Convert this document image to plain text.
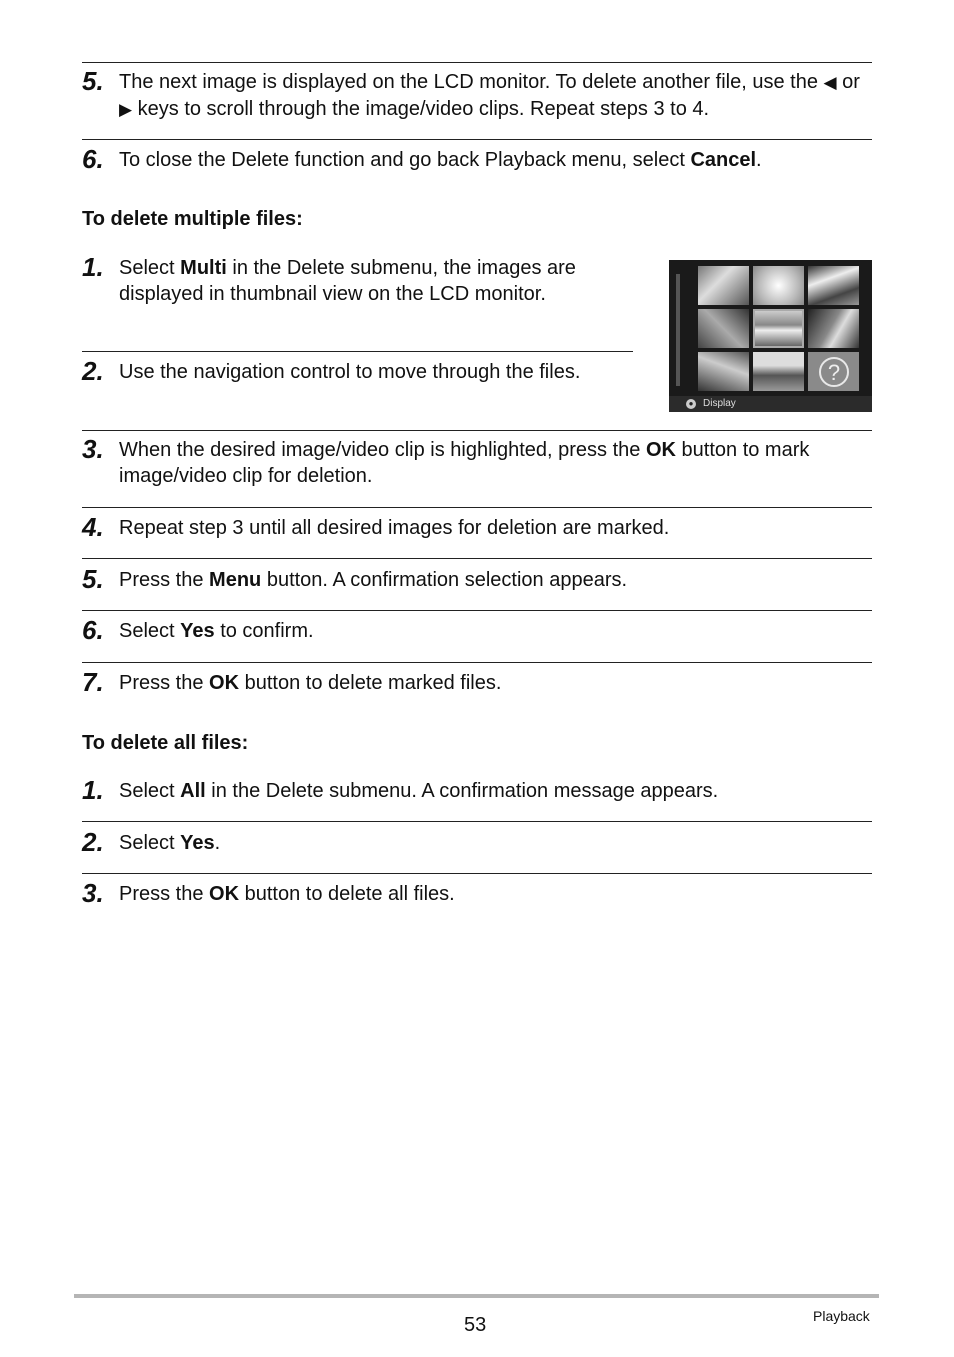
5. The next image is displayed on the LCD monitor. To delete another file, use the ◀ or ▶ keys to scroll through the image/video clips. Repeat steps 3 to 4.
6. To close the Delete function and go back Playback menu, select Cancel.
To delete multiple files:
1. Select Multi in the Delete submenu, the images are displayed in thumbnail view on the LCD monitor.
2. Use the navigation control to move through the files.	?
● Display
3. When the desired image/video clip is highlighted, press the OK button to mark image/video clip for deletion.
4. Repeat step 3 until all desired images for deletion are marked.
5. Press the Menu button. A confirmation selection appears.
6. Select Yes to confirm.
7. Press the OK button to delete marked files.
To delete all files:
1. Select All in the Delete submenu. A confirmation message appears.
2. Select Yes.
3. Press the OK button to delete all files.
53	Playback
